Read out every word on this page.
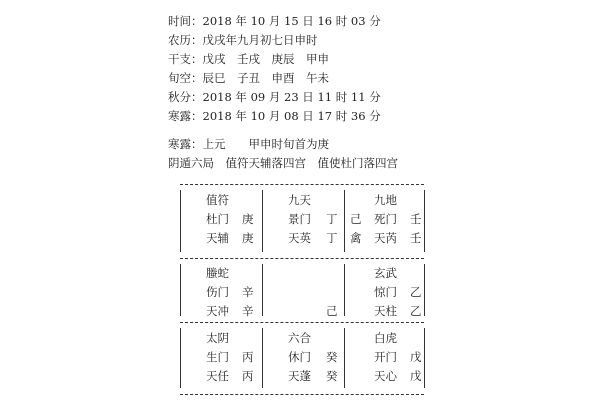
时间：2018 年 10 月 15 日 16 时 03 分
农历：戊戌年九月初七日申时
干支：戊戌　壬戌　庚辰　甲申
旬空：辰巳　子丑　申酉　午未
秋分：2018 年 09 月 23 日 11 时 11 分
寒露：2018 年 10 月 08 日 17 时 36 分
寒露：上元　　甲申时旬首为庚
阴遁六局　值符天辅落四宫　值使杜门落四宫
值符
杜门 庚
天辅 庚
九天
景门 丁
天英 丁
九地
己 死门 壬
禽 天芮 壬
螣蛇
伤门 辛
天冲 辛	己
玄武
惊门 乙
天柱 乙
太阴
生门 丙
天任 丙
六合
休门 癸
天蓬 癸
白虎
开门 戊
天心 戊
